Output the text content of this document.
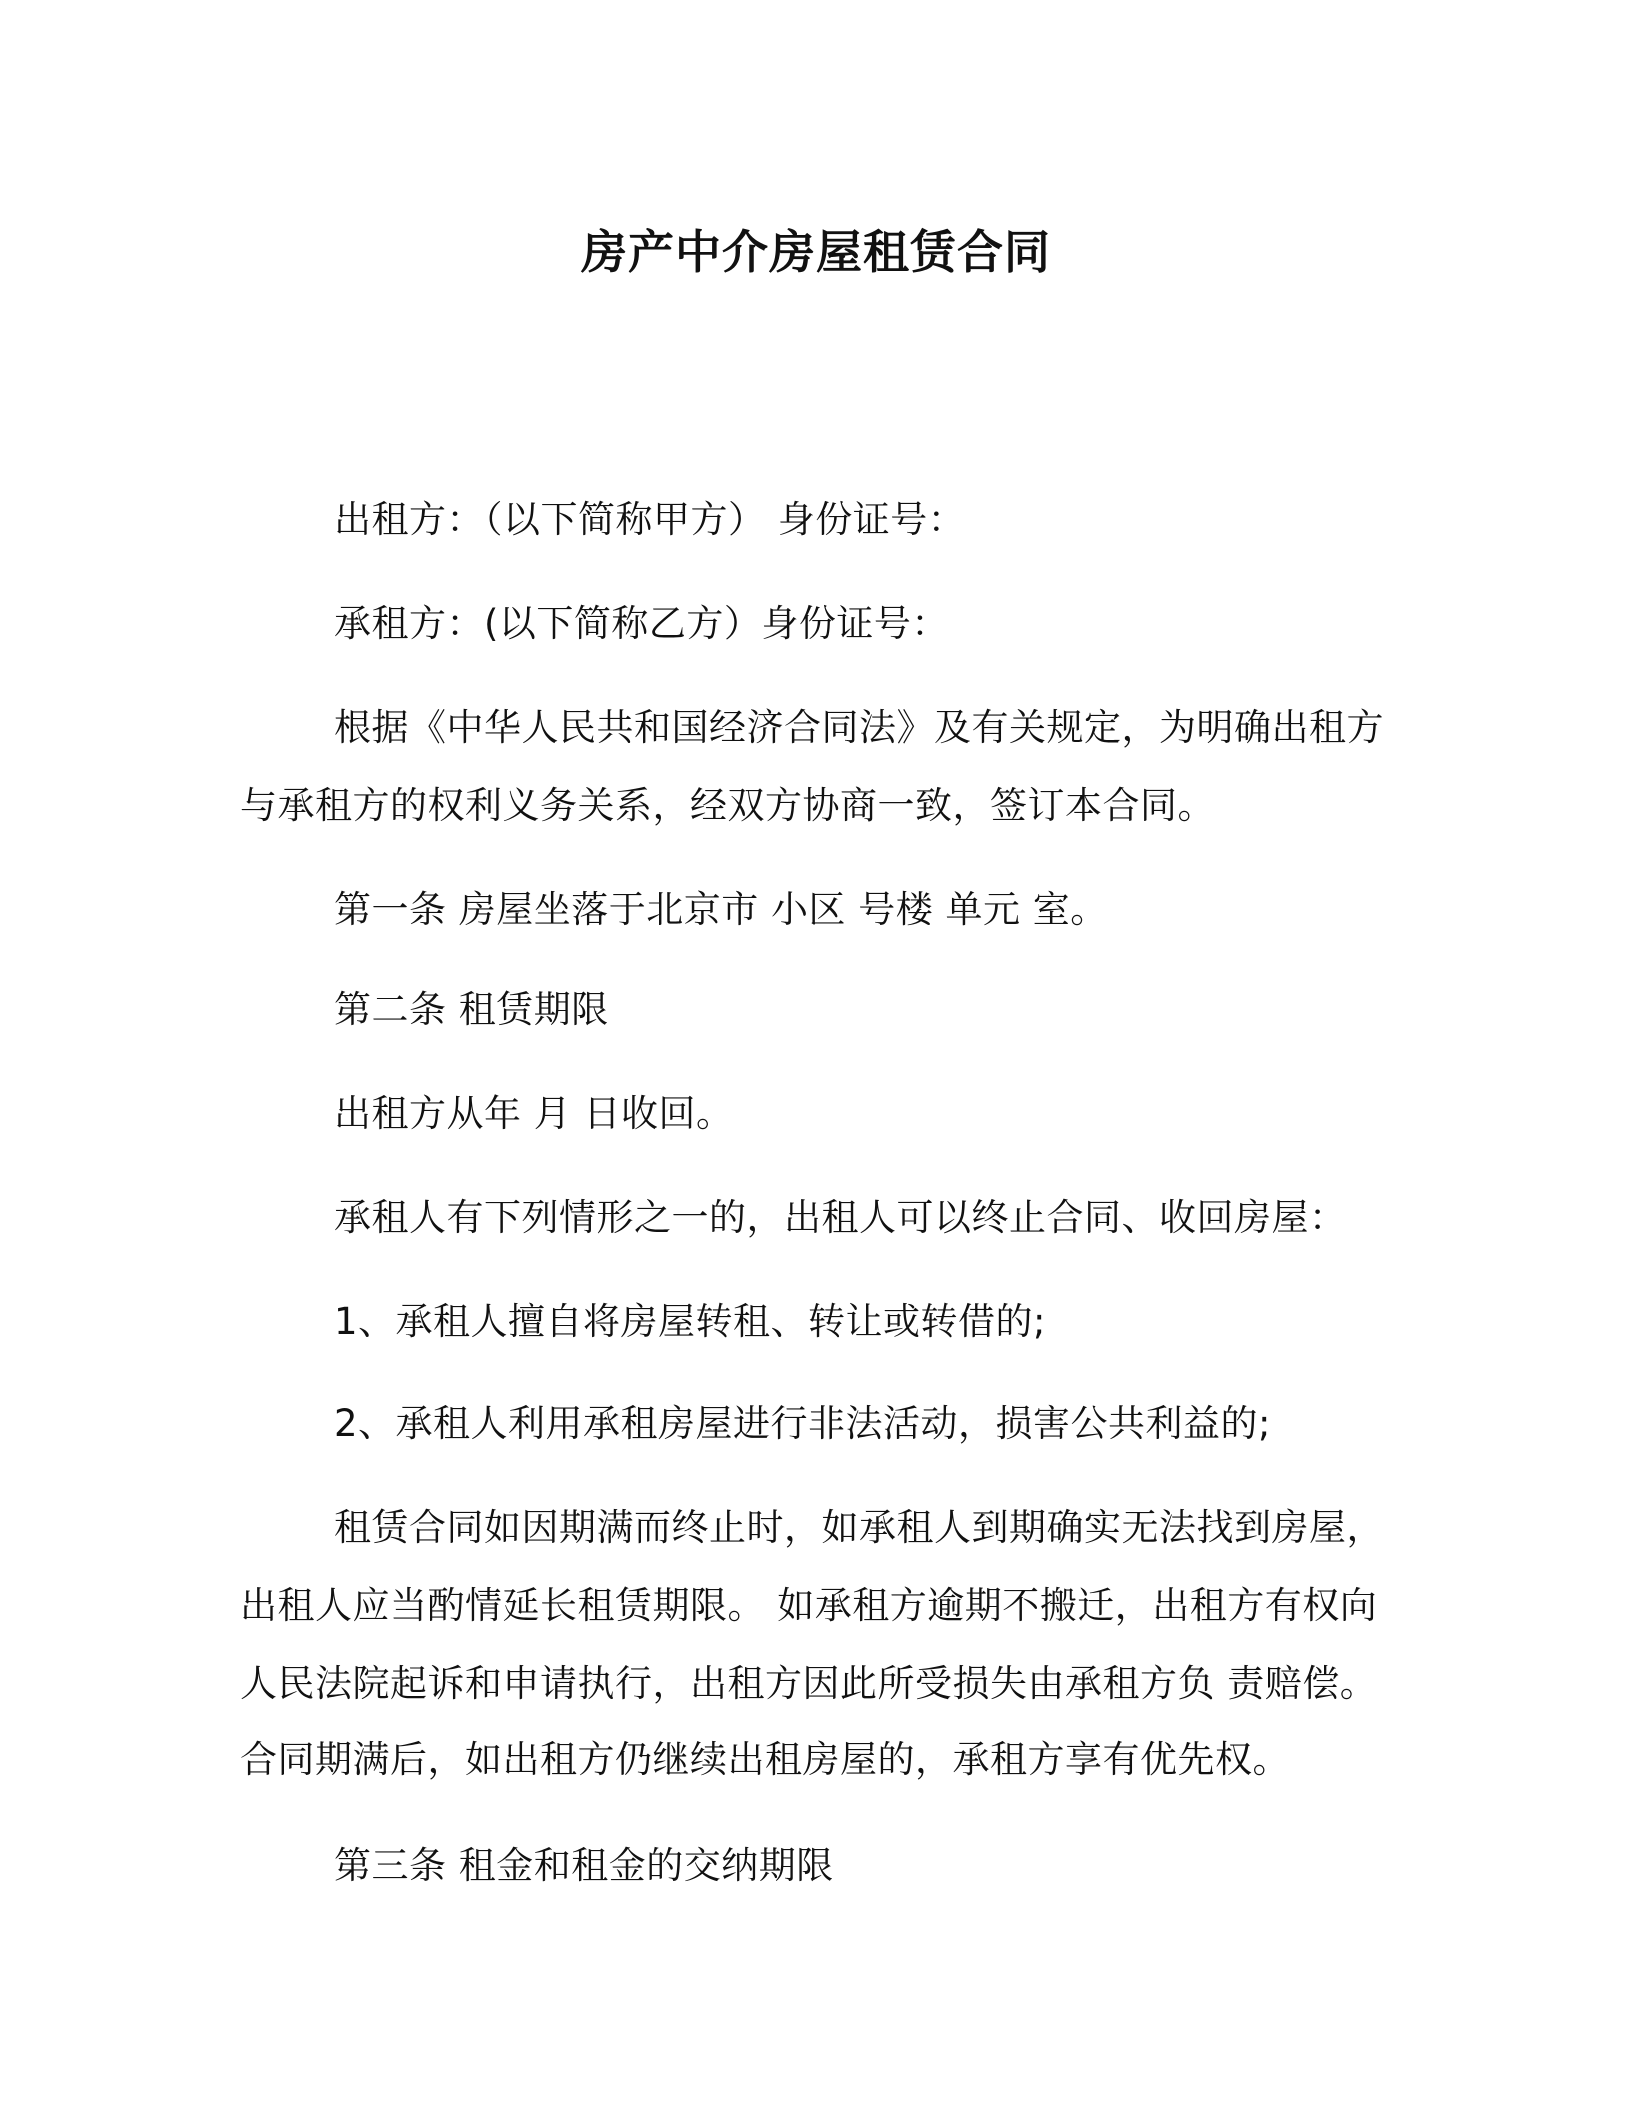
房产中介房屋租赁合同
出租方：（以下简称甲方） 身份证号：
承租方：(以下简称乙方）身份证号：
根据《中华人民共和国经济合同法》及有关规定，为明确出租方
与承租方的权利义务关系，经双方协商一致，签订本合同。
第一条 房屋坐落于北京市 小区 号楼 单元 室。
第二条 租赁期限
出租方从年 月 日收回。
承租人有下列情形之一的，出租人可以终止合同、收回房屋：
1、承租人擅自将房屋转租、转让或转借的;
2、承租人利用承租房屋进行非法活动，损害公共利益的;
租赁合同如因期满而终止时，如承租人到期确实无法找到房屋，
出租人应当酌情延长租赁期限。 如承租方逾期不搬迁，出租方有权向
人民法院起诉和申请执行，出租方因此所受损失由承租方负 责赔偿。
合同期满后，如出租方仍继续出租房屋的，承租方享有优先权。
第三条 租金和租金的交纳期限
